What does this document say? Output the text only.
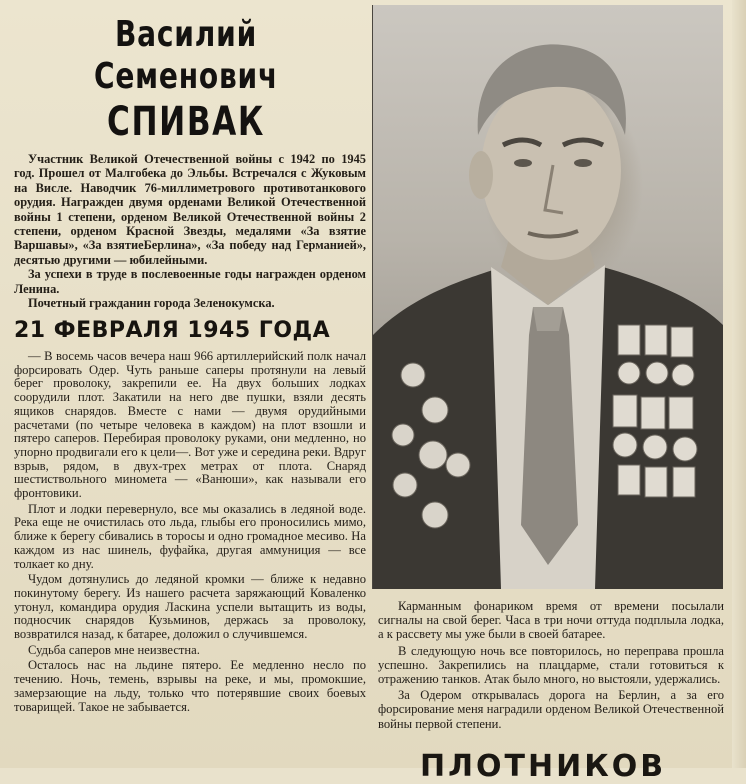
Василий Семенович
СПИВАК

Участник Великой Отечественной войны с 1942 по 1945 год. Прошел от Малгобека до Эльбы. Встречался с Жуковым на Висле. Наводчик 76-миллиметрового противотанкового орудия. Награжден двумя орденами Великой Отечественной войны 1 степени, орденом Великой Отечественной войны 2 степени, орденом Красной Звезды, медалями «За взятие Варшавы», «За взятиеБерлина», «За победу над Германией», десятью другими — юбилейными.

За успехи в труде в послевоенные годы награжден орденом Ленина.

Почетный гражданин города Зеленокумска.

21 ФЕВРАЛЯ 1945 ГОДА

— В восемь часов вечера наш 966 артиллерийский полк начал форсировать Одер. Чуть раньше саперы протянули на левый берег проволоку, закрепили ее. На двух больших лодках соорудили плот. Закатили на него две пушки, взяли десять ящиков снарядов. Вместе с нами — двумя орудийными расчетами (по четыре человека в каждом) на плот взошли и пятеро саперов. Перебирая проволоку руками, они медленно, но упорно продвигали его к цели—. Вот уже и середина реки. Вдруг взрыв, рядом, в двух-трех метрах от плота. Снаряд шестиствольного миномета — «Ванюши», как называли его фронтовики.

Плот и лодки перевернуло, все мы оказались в ледяной воде. Река еще не очистилась ото льда, глыбы его проносились мимо, ближе к берегу сбивались в торосы и одно громадное месиво. На каждом из нас шинель, фуфайка, другая аммуниция — все толкает ко дну.

Чудом дотянулись до ледяной кромки — ближе к недавно покинутому берегу. Из нашего расчета заряжающий Коваленко утонул, командира орудия Ласкина успели вытащить из воды, подносчик снарядов Кузьминов, держась за проволоку, возвратился назад, к батарее, доложил о случившемся.

Судьба саперов мне неизвестна.

Осталось нас на льдине пятеро. Ее медленно несло по течению. Ночь, темень, взрывы на реке, и мы, промокшие, замерзающие на льду, только что потерявшие своих боевых товарищей. Такое не забывается.

Карманным фонариком время от времени посылали сигналы на свой берег. Часа в три ночи оттуда подплыла лодка, а к рассвету мы уже были в своей батарее.

В следующую ночь все повторилось, но переправа прошла успешно. Закрепились на плацдарме, стали готовиться к отражению танков. Атак было много, но выстояли, удержались.

За Одером открывалась дорога на Берлин, а за его форсирование меня наградили орденом Великой Отечественной войны первой степени.

ПЛОТНИКОВ
